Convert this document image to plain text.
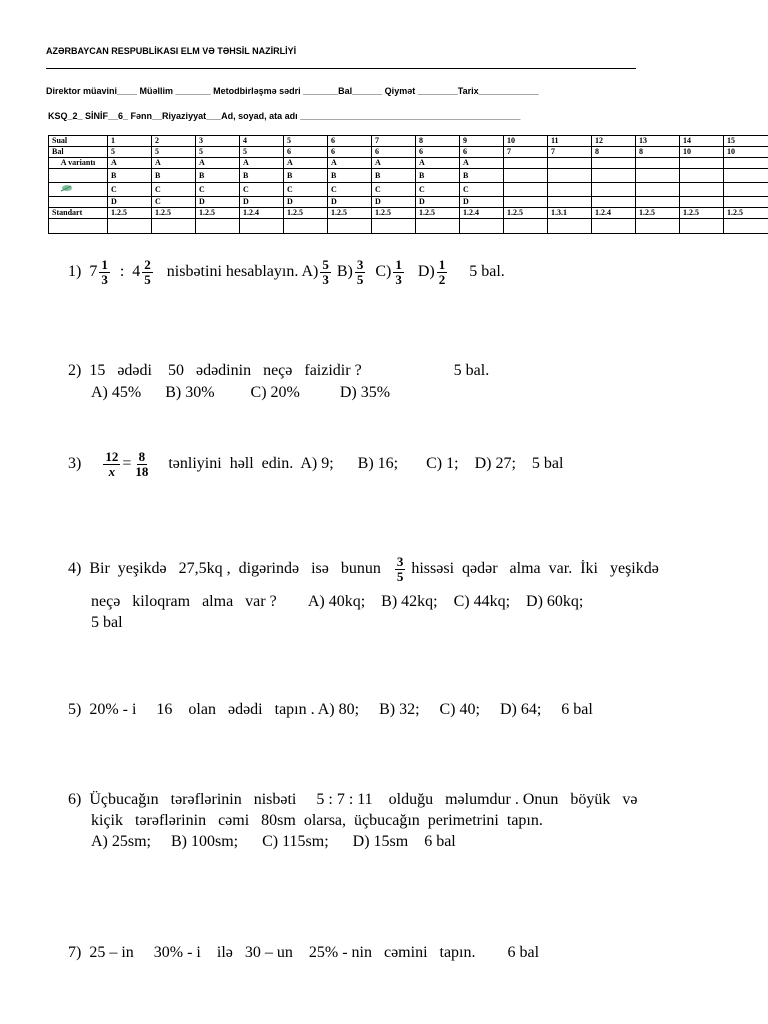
AZƏRBAYCAN RESPUBLİKASI ELM VƏ TƏHSİL NAZİRLİYİ
Direktor müavini____ Müəllim _______ Metodbirləşmə sədri _______Bal______ Qiymət ________Tarix____________
KSQ_2_ SİNİF__6_ Fənn__Riyaziyyat___Ad, soyad, ata adı ____________________________________________
Sual	1	2	3	4	5	6	7	8	9	10	11	12	13	14	15
Bal	5	5	5	5	6	6	6	6	6	7	7	8	8	10	10
A variantı	A	A	A	A	A	A	A	A	A						
	B	B	B	B	B	B	B	B	B						
	C	C	C	C	C	C	C	C	C						
	D	C	D	D	D	D	D	D	D						
Standart	1.2.5	1.2.5	1.2.5	1.2.4	1.2.5	1.2.5	1.2.5	1.2.5	1.2.4	1.2.5	1.3.1	1.2.4	1.2.5	1.2.5	1.2.5

1) $7 \frac{1}{3}$ : $4 \frac{2}{5}$ nisbətini hesablayın. $A) \frac{5}{3} B) \frac{3}{5} C) \frac{1}{3} D) \frac{1}{2} 5$ bal.
2)  15   ədədi    50   ədədinin   neçə   faizidir ?	5 bal.
A) 45%      B) 30%         C) 20%          D) 35%
$3) \frac{12}{x} = \frac{8}{18}$ tənliyini  həll  edin.  A) 9;      B) 16;       C) 1;    D) 27;    5 bal
4)  Bir  yeşikdə   27,5kq ,  digərində   isə   bunun $\frac{3}{5}$ hissəsi  qədər   alma  var.  İki   yeşikdə
neçə   kiloqram   alma   var ?        A) 40kq;    B) 42kq;    C) 44kq;    D) 60kq;
5 bal
5)  20% - i     16    olan   ədədi   tapın . A) 80;     B) 32;     C) 40;     D) 64;     6 bal
6)  Üçbucağın   tərəflərinin   nisbəti     5 : 7 : 11    olduğu   məlumdur . Onun   böyük   və
kiçik   tərəflərinin   cəmi   80sm  olarsa,  üçbucağın  perimetrini  tapın.
A) 25sm;     B) 100sm;      C) 115sm;      D) 15sm    6 bal
7)  25 – in     30% - i    ilə   30 – un    25% - nin   cəmini   tapın.        6 bal
